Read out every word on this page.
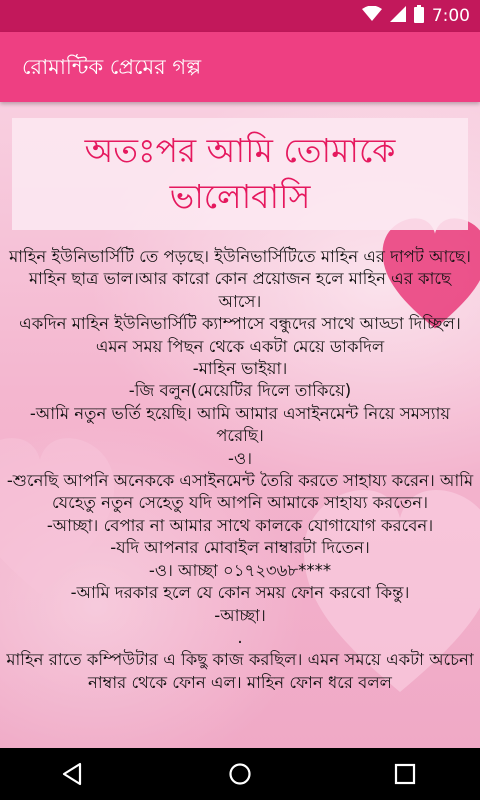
7:00
রোমান্টিক প্রেমের গল্প
অতঃপর আমি তোমাকে ভালোবাসি
মাহিন ইউনিভার্সিটি তে পড়ছে। ইউনিভার্সিটিতে মাহিন এর দাপট আছে।মাহিন ছাত্র ভাল।আর কারো কোন প্রয়োজন হলে মাহিন এর কাছে আসে।
একদিন মাহিন ইউনিভার্সিটি ক্যাম্পাসে বন্ধুদের সাথে আড্ডা দিচ্ছিল।এমন সময় পিছন থেকে একটা মেয়ে ডাকদিল
-মাহিন ভাইয়া।
-জি বলুন(মেয়েটির দিলে তাকিয়ে)
-আমি নতুন ভর্তি হয়েছি। আমি আমার এসাইনমেন্ট নিয়ে সমস্যায় পরেছি।
-ও।
-শুনেছি আপনি অনেককে এসাইনমেন্ট তৈরি করতে সাহায্য করেন। আমি যেহেতু নতুন সেহেতু যদি আপনি আমাকে সাহায্য করতেন।
-আচ্ছা। বেপার না আমার সাথে কালকে যোগাযোগ করবেন।
-যদি আপনার মোবাইল নাম্বারটা দিতেন।
-ও। আচ্ছা ০১৭২৩৬৮****
-আমি দরকার হলে যে কোন সময় ফোন করবো কিন্তু।
-আচ্ছা।
.
মাহিন রাতে কম্পিউটার এ কিছু কাজ করছিল। এমন সময়ে একটা অচেনা নাম্বার থেকে ফোন এল। মাহিন ফোন ধরে বলল
